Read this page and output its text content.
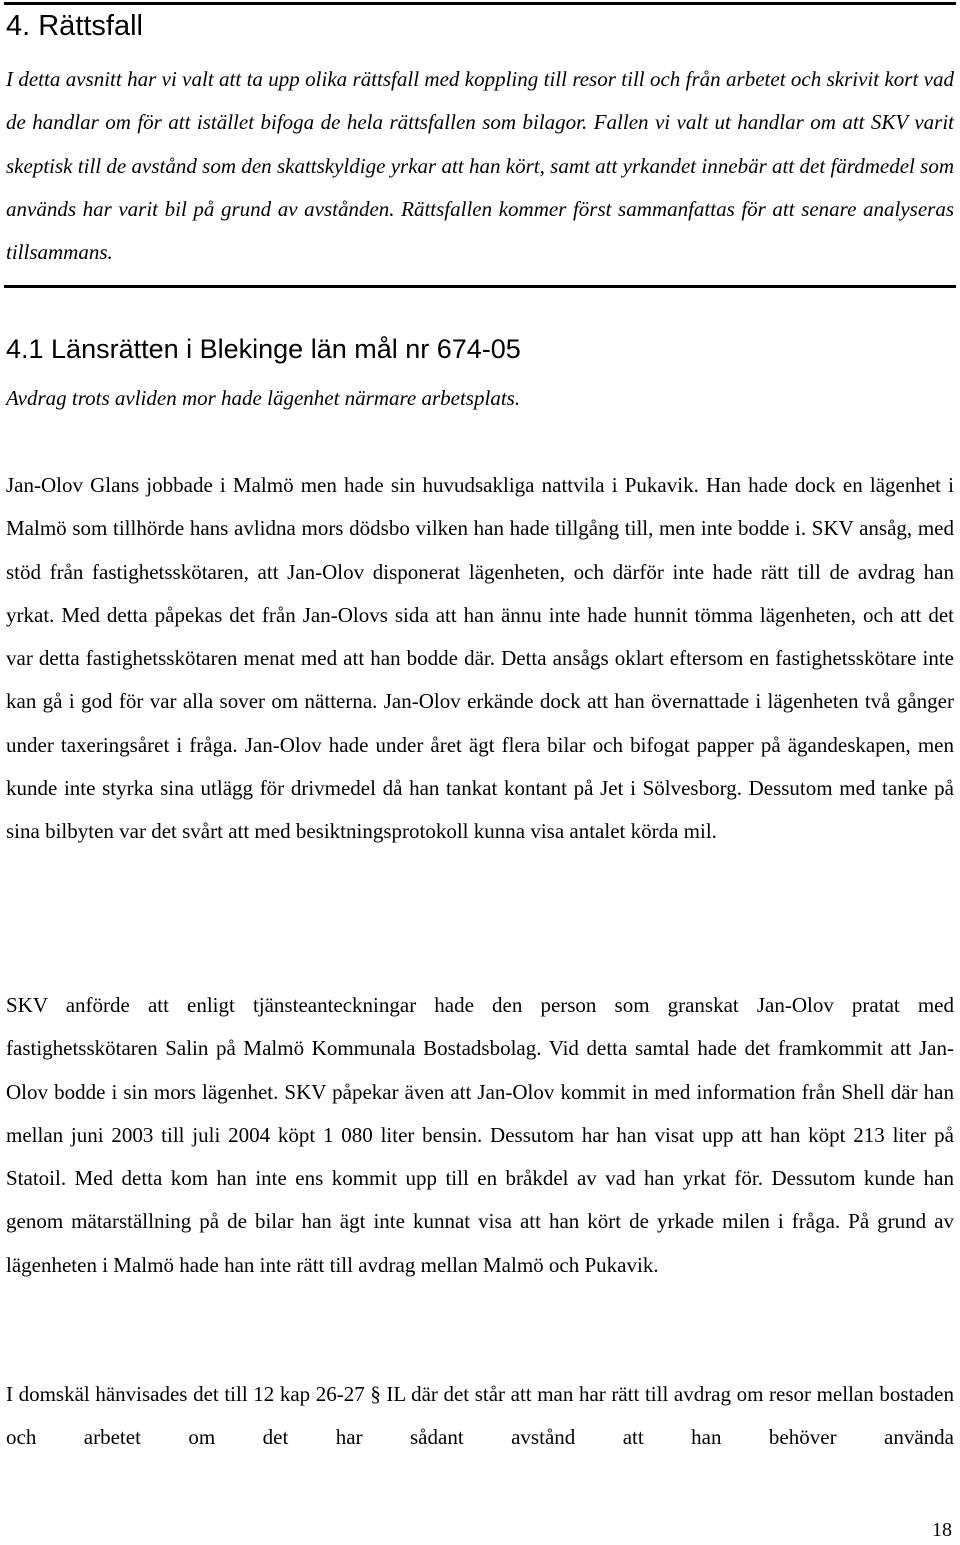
4. Rättsfall

I detta avsnitt har vi valt att ta upp olika rättsfall med koppling till resor till och från arbetet och skrivit kort vad de handlar om för att istället bifoga de hela rättsfallen som bilagor. Fallen vi valt ut handlar om att SKV varit skeptisk till de avstånd som den skattskyldige yrkar att han kört, samt att yrkandet innebär att det färdmedel som används har varit bil på grund av avstånden. Rättsfallen kommer först sammanfattas för att senare analyseras tillsammans.

4.1 Länsrätten i Blekinge län mål nr 674-05

Avdrag trots avliden mor hade lägenhet närmare arbetsplats.

Jan-Olov Glans jobbade i Malmö men hade sin huvudsakliga nattvila i Pukavik. Han hade dock en lägenhet i Malmö som tillhörde hans avlidna mors dödsbo vilken han hade tillgång till, men inte bodde i. SKV ansåg, med stöd från fastighetsskötaren, att Jan-Olov disponerat lägenheten, och därför inte hade rätt till de avdrag han yrkat. Med detta påpekas det från Jan-Olovs sida att han ännu inte hade hunnit tömma lägenheten, och att det var detta fastighetsskötaren menat med att han bodde där. Detta ansågs oklart eftersom en fastighetsskötare inte kan gå i god för var alla sover om nätterna. Jan-Olov erkände dock att han övernattade i lägenheten två gånger under taxeringsåret i fråga. Jan-Olov hade under året ägt flera bilar och bifogat papper på ägandeskapen, men kunde inte styrka sina utlägg för drivmedel då han tankat kontant på Jet i Sölvesborg. Dessutom med tanke på sina bilbyten var det svårt att med besiktningsprotokoll kunna visa antalet körda mil.

SKV anförde att enligt tjänsteanteckningar hade den person som granskat Jan-Olov pratat med fastighetsskötaren Salin på Malmö Kommunala Bostadsbolag. Vid detta samtal hade det framkommit att Jan-Olov bodde i sin mors lägenhet. SKV påpekar även att Jan-Olov kommit in med information från Shell där han mellan juni 2003 till juli 2004 köpt 1 080 liter bensin. Dessutom har han visat upp att han köpt 213 liter på Statoil. Med detta kom han inte ens kommit upp till en bråkdel av vad han yrkat för. Dessutom kunde han genom mätarställning på de bilar han ägt inte kunnat visa att han kört de yrkade milen i fråga. På grund av lägenheten i Malmö hade han inte rätt till avdrag mellan Malmö och Pukavik.

I domskäl hänvisades det till 12 kap 26-27 § IL där det står att man har rätt till avdrag om resor mellan bostaden och arbetet om det har sådant avstånd att han behöver använda

18
